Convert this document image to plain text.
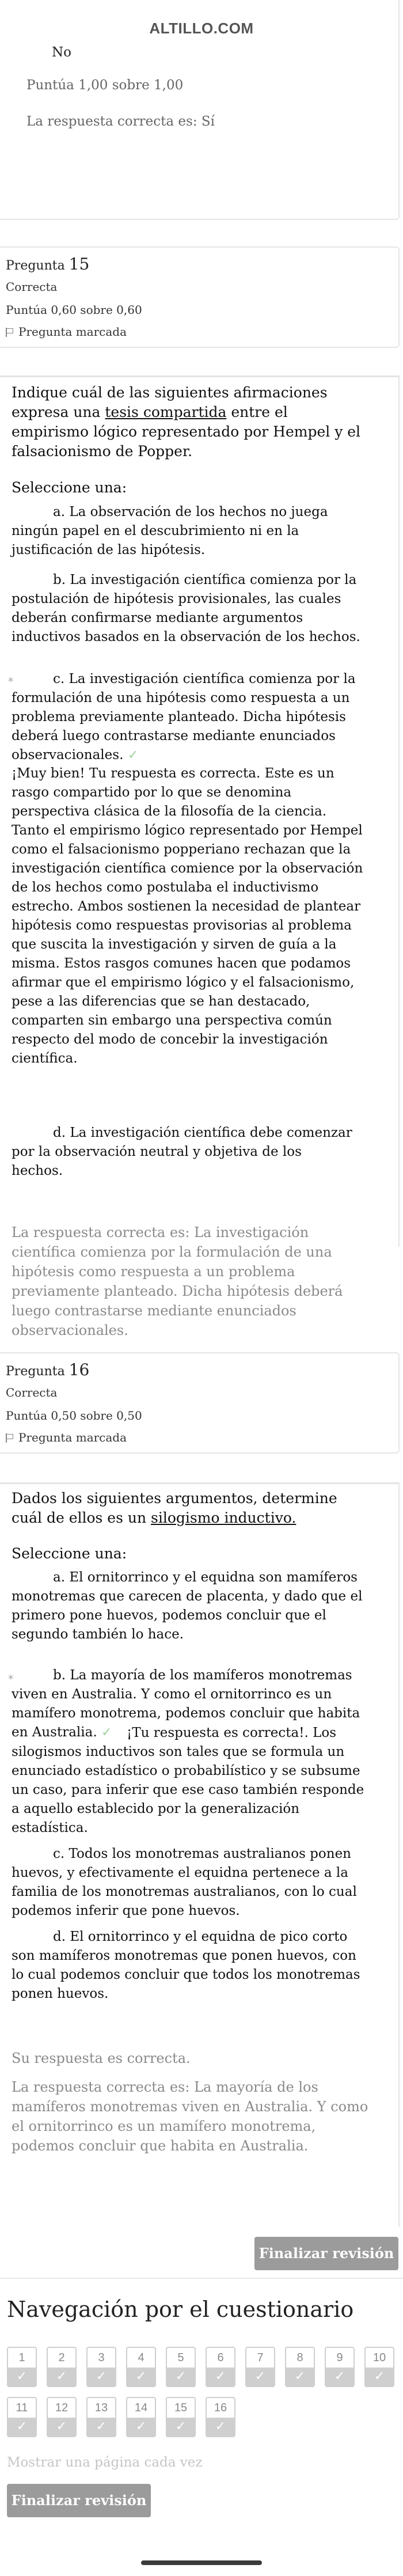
ALTILLO.COM
No
Puntúa 1,00 sobre 1,00
La respuesta correcta es: Sí
Pregunta 15
Correcta
Puntúa 0,60 sobre 0,60
Pregunta marcada
Indique cuál de las siguientes afirmaciones expresa una tesis compartida entre el empirismo lógico representado por Hempel y el falsacionismo de Popper.
Seleccione una:
a. La observación de los hechos no juega ningún papel en el descubrimiento ni en la justificación de las hipótesis.
b. La investigación científica comienza por la postulación de hipótesis provisionales, las cuales deberán confirmarse mediante argumentos inductivos basados en la observación de los hechos.
✶	c. La investigación científica comienza por la formulación de una hipótesis como respuesta a un problema previamente planteado. Dicha hipótesis deberá luego contrastarse mediante enunciados observacionales. ✓
¡Muy bien! Tu respuesta es correcta. Este es un rasgo compartido por lo que se denomina perspectiva clásica de la filosofía de la ciencia. Tanto el empirismo lógico representado por Hempel como el falsacionismo popperiano rechazan que la investigación científica comience por la observación de los hechos como postulaba el inductivismo estrecho. Ambos sostienen la necesidad de plantear hipótesis como respuestas provisorias al problema que suscita la investigación y sirven de guía a la misma. Estos rasgos comunes hacen que podamos afirmar que el empirismo lógico y el falsacionismo, pese a las diferencias que se han destacado, comparten sin embargo una perspectiva común respecto del modo de concebir la investigación científica.
d. La investigación científica debe comenzar por la observación neutral y objetiva de los hechos.
La respuesta correcta es: La investigación científica comienza por la formulación de una hipótesis como respuesta a un problema previamente planteado. Dicha hipótesis deberá luego contrastarse mediante enunciados observacionales.
Pregunta 16
Correcta
Puntúa 0,50 sobre 0,50
Pregunta marcada
Dados los siguientes argumentos, determine cuál de ellos es un silogismo inductivo.
Seleccione una:
a. El ornitorrinco y el equidna son mamíferos monotremas que carecen de placenta, y dado que el primero pone huevos, podemos concluir que el segundo también lo hace.
✶	b. La mayoría de los mamíferos monotremas viven en Australia. Y como el ornitorrinco es un mamífero monotrema, podemos concluir que habita en Australia. ✓	¡Tu respuesta es correcta!. Los silogismos inductivos son tales que se formula un enunciado estadístico o probabilístico y se subsume un caso, para inferir que ese caso también responde a aquello establecido por la generalización estadística.
c. Todos los monotremas australianos ponen huevos, y efectivamente el equidna pertenece a la familia de los monotremas australianos, con lo cual podemos inferir que pone huevos.
d. El ornitorrinco y el equidna de pico corto son mamíferos monotremas que ponen huevos, con lo cual podemos concluir que todos los monotremas ponen huevos.
Su respuesta es correcta.
La respuesta correcta es: La mayoría de los mamíferos monotremas viven en Australia. Y como el ornitorrinco es un mamífero monotrema, podemos concluir que habita en Australia.
Finalizar revisión
Navegación por el cuestionario
1
✓
2
✓
3
✓
4
✓
5
✓
6
✓
7
✓
8
✓
9
✓
10
✓
11
✓
12
✓
13
✓
14
✓
15
✓
16
✓
Mostrar una página cada vez
Finalizar revisión
